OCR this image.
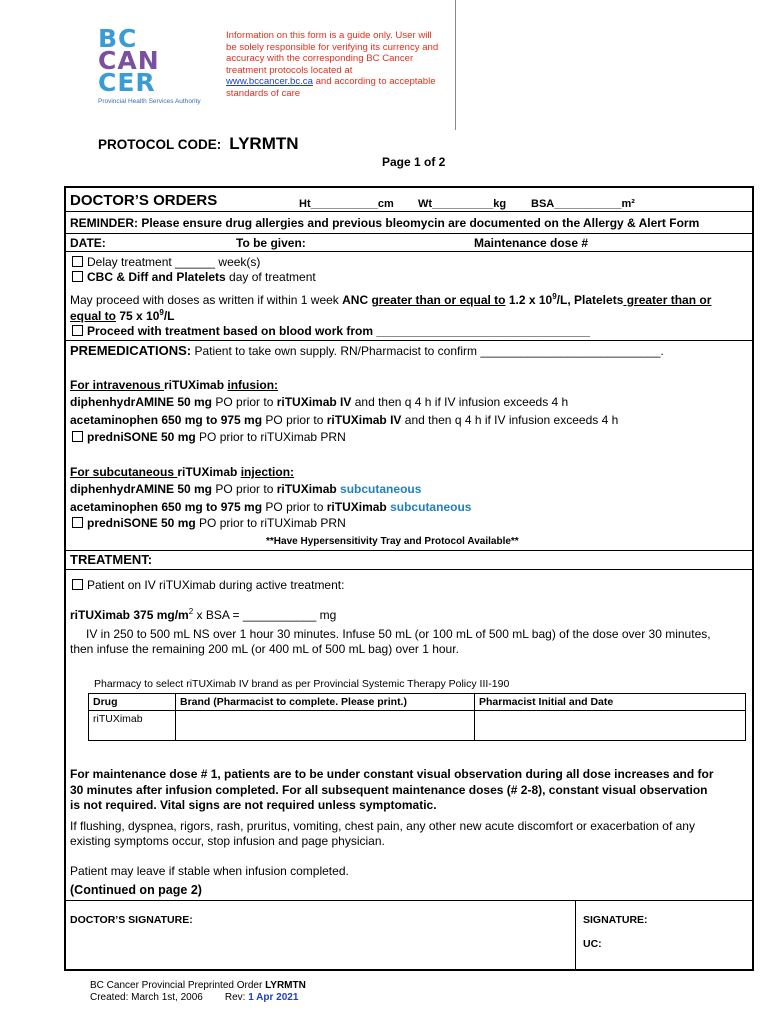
BC
CAN
CER
Provincial Health Services Authority
Information on this form is a guide only. User will be solely responsible for verifying its currency and accuracy with the corresponding BC Cancer treatment protocols located at www.bccancer.bc.ca and according to acceptable standards of care
PROTOCOL CODE: LYRMTN
Page 1 of 2
DOCTOR’S ORDERS	Ht___________cm Wt__________kg BSA___________m²
REMINDER: Please ensure drug allergies and previous bleomycin are documented on the Allergy & Alert Form
DATE:	To be given:	Maintenance dose #
Delay treatment ______ week(s)
CBC & Diff and Platelets day of treatment
May proceed with doses as written if within 1 week ANC greater than or equal to 1.2 x $10^9/L$, Platelets greater than or
equal to 75 x $10^9/L$
Proceed with treatment based on blood work from ________________________________
PREMEDICATIONS: Patient to take own supply. RN/Pharmacist to confirm ___________________________.
For intravenous riTUXimab infusion:
diphenhydrAMINE 50 mg PO prior to riTUXimab IV and then q 4 h if IV infusion exceeds 4 h
acetaminophen 650 mg to 975 mg PO prior to riTUXimab IV and then q 4 h if IV infusion exceeds 4 h
predniSONE 50 mg PO prior to riTUXimab PRN
For subcutaneous riTUXimab injection:
diphenhydrAMINE 50 mg PO prior to riTUXimab subcutaneous
acetaminophen 650 mg to 975 mg PO prior to riTUXimab subcutaneous
predniSONE 50 mg PO prior to riTUXimab PRN
**Have Hypersensitivity Tray and Protocol Available**
TREATMENT:
Patient on IV riTUXimab during active treatment:
riTUXimab 375 $mg/m^2$ x BSA = ___________ mg
IV in 250 to 500 mL NS over 1 hour 30 minutes. Infuse 50 mL (or 100 mL of 500 mL bag) of the dose over 30 minutes,
then infuse the remaining 200 mL (or 400 mL of 500 mL bag) over 1 hour.
Pharmacy to select riTUXimab IV brand as per Provincial Systemic Therapy Policy III-190
Drug	Brand (Pharmacist to complete. Please print.)	Pharmacist Initial and Date
riTUXimab		
For maintenance dose # 1, patients are to be under constant visual observation during all dose increases and for
30 minutes after infusion completed. For all subsequent maintenance doses (# 2-8), constant visual observation
is not required. Vital signs are not required unless symptomatic.
If flushing, dyspnea, rigors, rash, pruritus, vomiting, chest pain, any other new acute discomfort or exacerbation of any
existing symptoms occur, stop infusion and page physician.
Patient may leave if stable when infusion completed.
(Continued on page 2)
DOCTOR’S SIGNATURE:	SIGNATURE:
UC:
BC Cancer Provincial Preprinted Order LYRMTN
Created: March 1st, 2006 Rev: 1 Apr 2021
